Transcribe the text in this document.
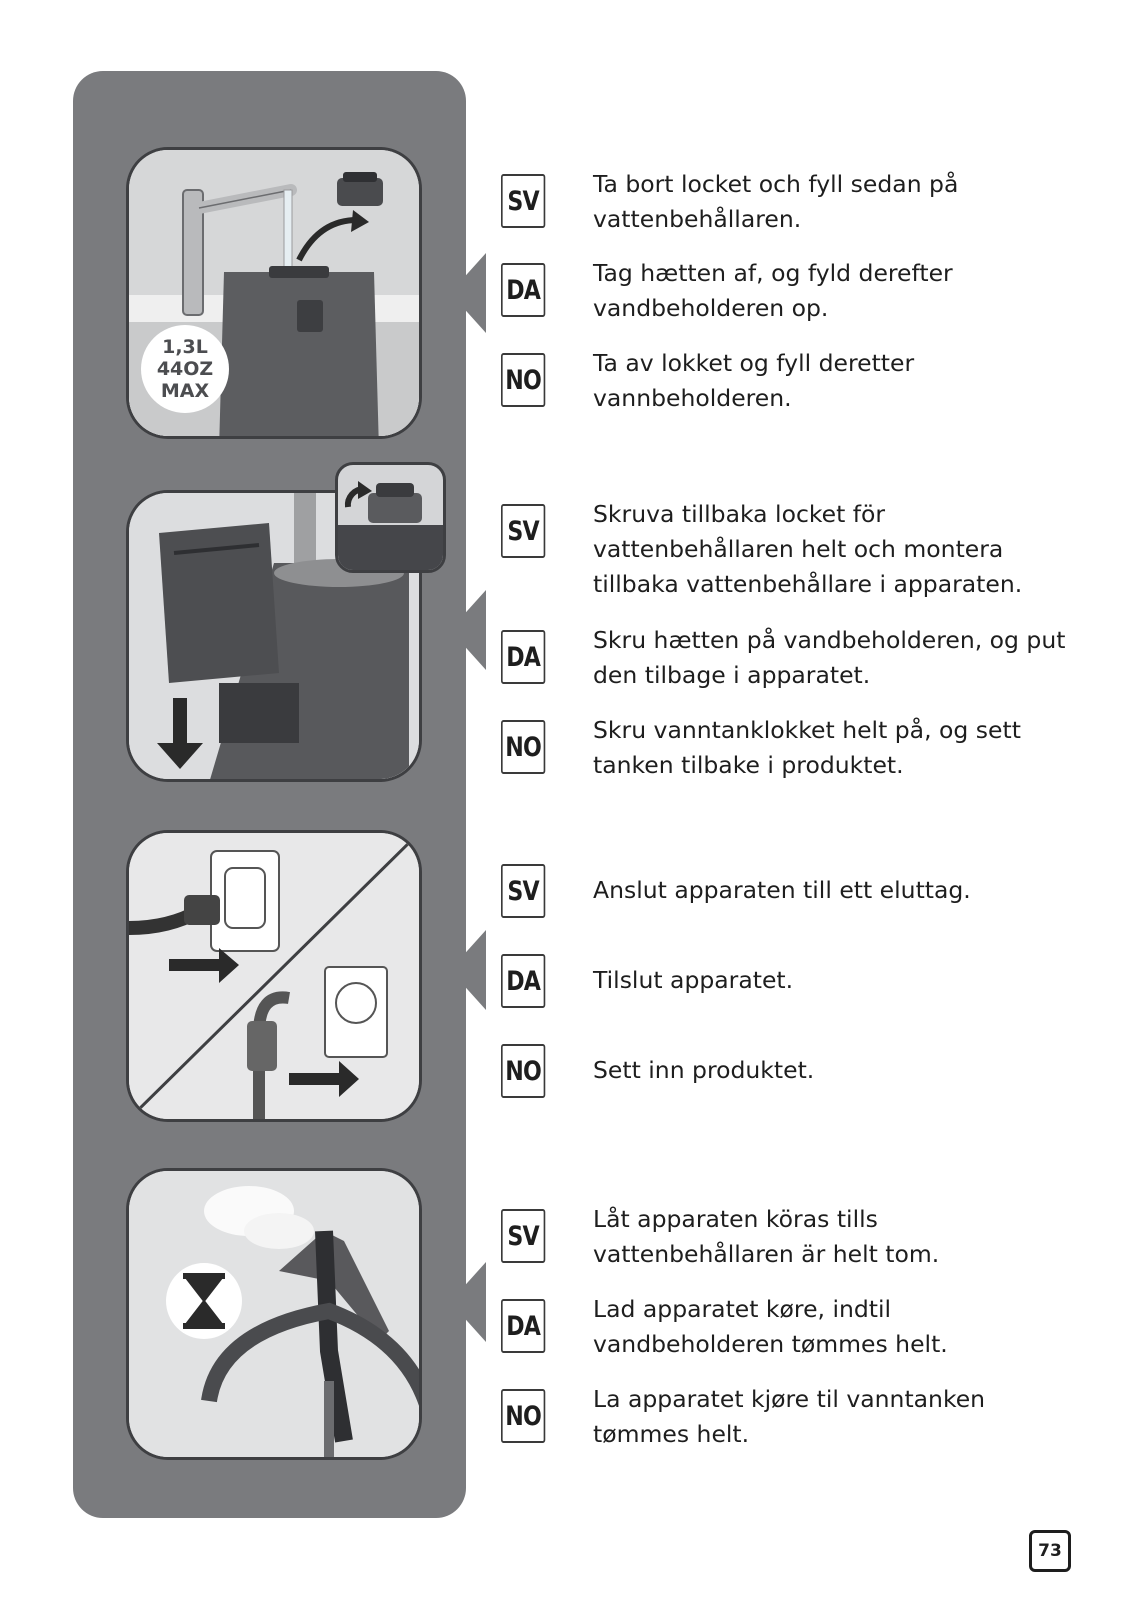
1,3L
44OZ
MAX
SV
Ta bort locket och fyll sedan på vattenbehållaren.
DA
Tag hætten af, og fyld derefter vandbeholderen op.
NO
Ta av lokket og fyll deretter vannbeholderen.
SV
Skruva tillbaka locket för vattenbehållaren helt och montera tillbaka vattenbehållare i apparaten.
DA
Skru hætten på vandbeholderen, og put den tilbage i apparatet.
NO
Skru vanntanklokket helt på, og sett tanken tilbake i produktet.
SV Anslut apparaten till ett eluttag.
DA Tilslut apparatet.
NO Sett inn produktet.
SV
Låt apparaten köras tills vattenbehållaren är helt tom.
DA
Lad apparatet køre, indtil vandbeholderen tømmes helt.
NO
La apparatet kjøre til vanntanken tømmes helt.
73
